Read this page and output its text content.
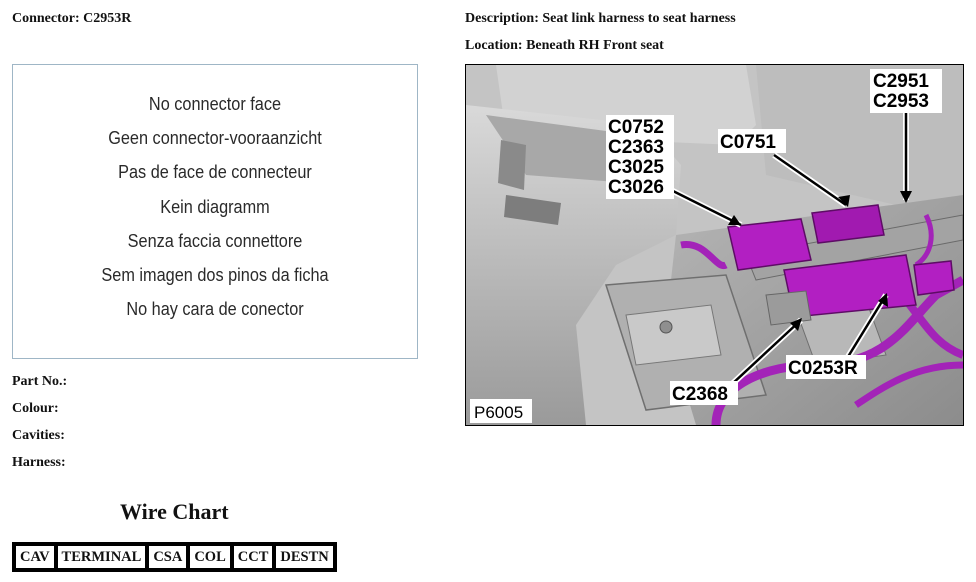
Connector: C2953R	Description: Seat link harness to seat harness
Location: Beneath RH Front seat
No connector face
Geen connector-vooraanzicht
Pas de face de connecteur
Kein diagramm
Senza faccia connettore
Sem imagen dos pinos da ficha
No hay cara de conector
Part No.:
Colour:
Cavities:
Harness:
Wire Chart
CAV	TERMINAL	CSA	COL	CCT	DESTN
C0752
C2363
C3025
C3026
C0751
C2951
C2953
C2368
C0253R
P6005
